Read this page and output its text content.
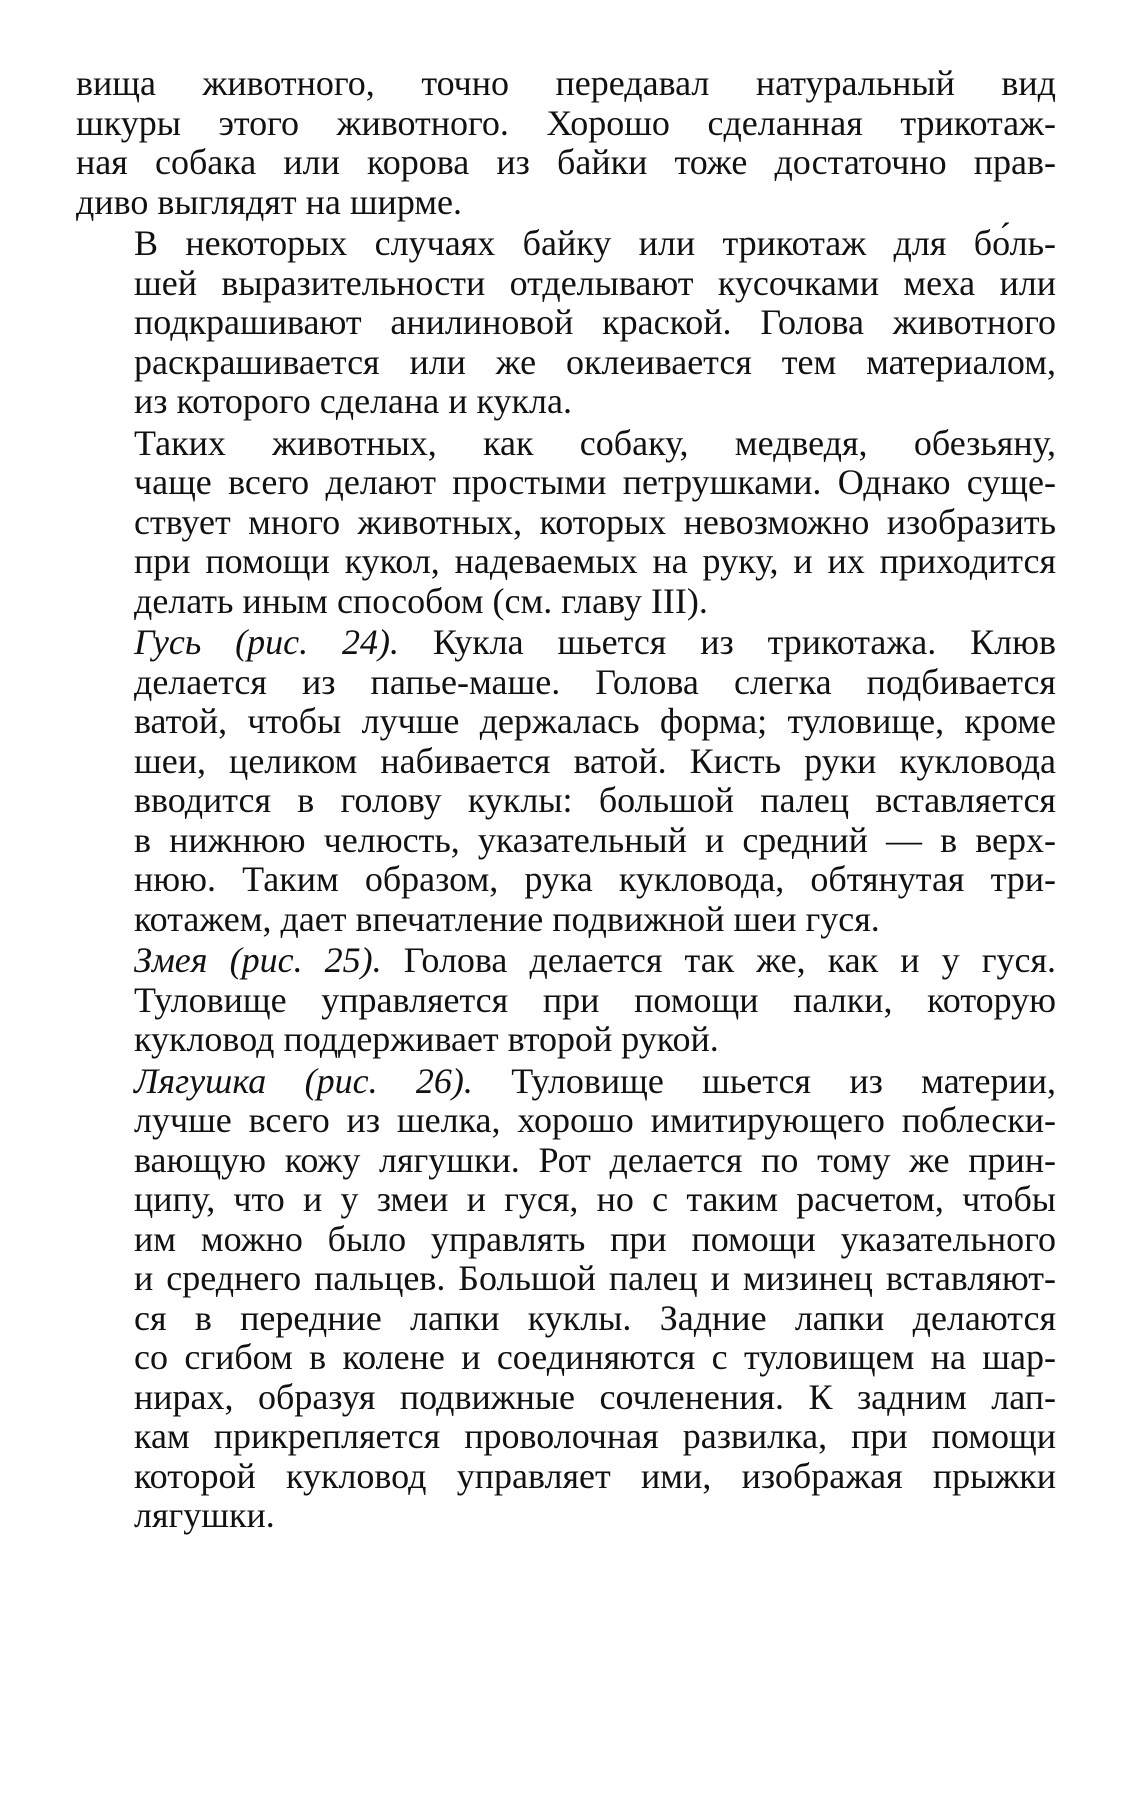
вища животного, точно передавал натуральный вид
шкуры этого животного. Хорошо сделанная трикотаж-
ная собака или корова из байки тоже достаточно прав-
диво выглядят на ширме.
В некоторых случаях байку или трикотаж для бо́ль-
шей выразительности отделывают кусочками меха или
подкрашивают анилиновой краской. Голова животного
раскрашивается или же оклеивается тем материалом,
из которого сделана и кукла.
Таких животных, как собаку, медведя, обезьяну,
чаще всего делают простыми петрушками. Однако суще-
ствует много животных, которых невозможно изобразить
при помощи кукол, надеваемых на руку, и их приходится
делать иным способом (см. главу III).
Гусь (рис. 24). Кукла шьется из трикотажа. Клюв
делается из папье-маше. Голова слегка подбивается
ватой, чтобы лучше держалась форма; туловище, кроме
шеи, целиком набивается ватой. Кисть руки кукловода
вводится в голову куклы: большой палец вставляется
в нижнюю челюсть, указательный и средний — в верх-
нюю. Таким образом, рука кукловода, обтянутая три-
котажем, дает впечатление подвижной шеи гуся.
Змея (рис. 25). Голова делается так же, как и у гуся.
Туловище управляется при помощи палки, которую
кукловод поддерживает второй рукой.
Лягушка (рис. 26). Туловище шьется из материи,
лучше всего из шелка, хорошо имитирующего поблески-
вающую кожу лягушки. Рот делается по тому же прин-
ципу, что и у змеи и гуся, но с таким расчетом, чтобы
им можно было управлять при помощи указательного
и среднего пальцев. Большой палец и мизинец вставляют-
ся в передние лапки куклы. Задние лапки делаются
со сгибом в колене и соединяются с туловищем на шар-
нирах, образуя подвижные сочленения. К задним лап-
кам прикрепляется проволочная развилка, при помощи
которой кукловод управляет ими, изображая прыжки
лягушки.
